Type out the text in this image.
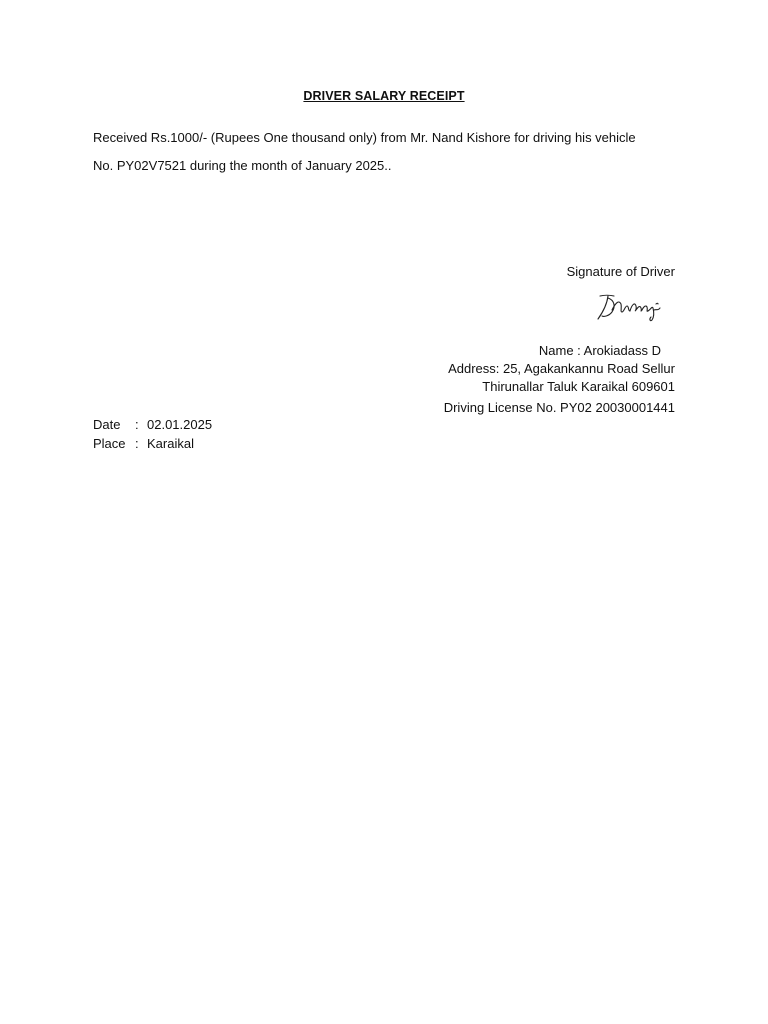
DRIVER SALARY RECEIPT
Received Rs.1000/- (Rupees One thousand only) from Mr. Nand Kishore for driving his vehicle
No. PY02V7521 during the month of January 2025..
Signature of Driver
Name : Arokiadass D
Address: 25, Agakankannu Road Sellur
Thirunallar Taluk Karaikal 609601
Driving License No. PY02 20030001441
Date : 02.01.2025
Place : Karaikal
